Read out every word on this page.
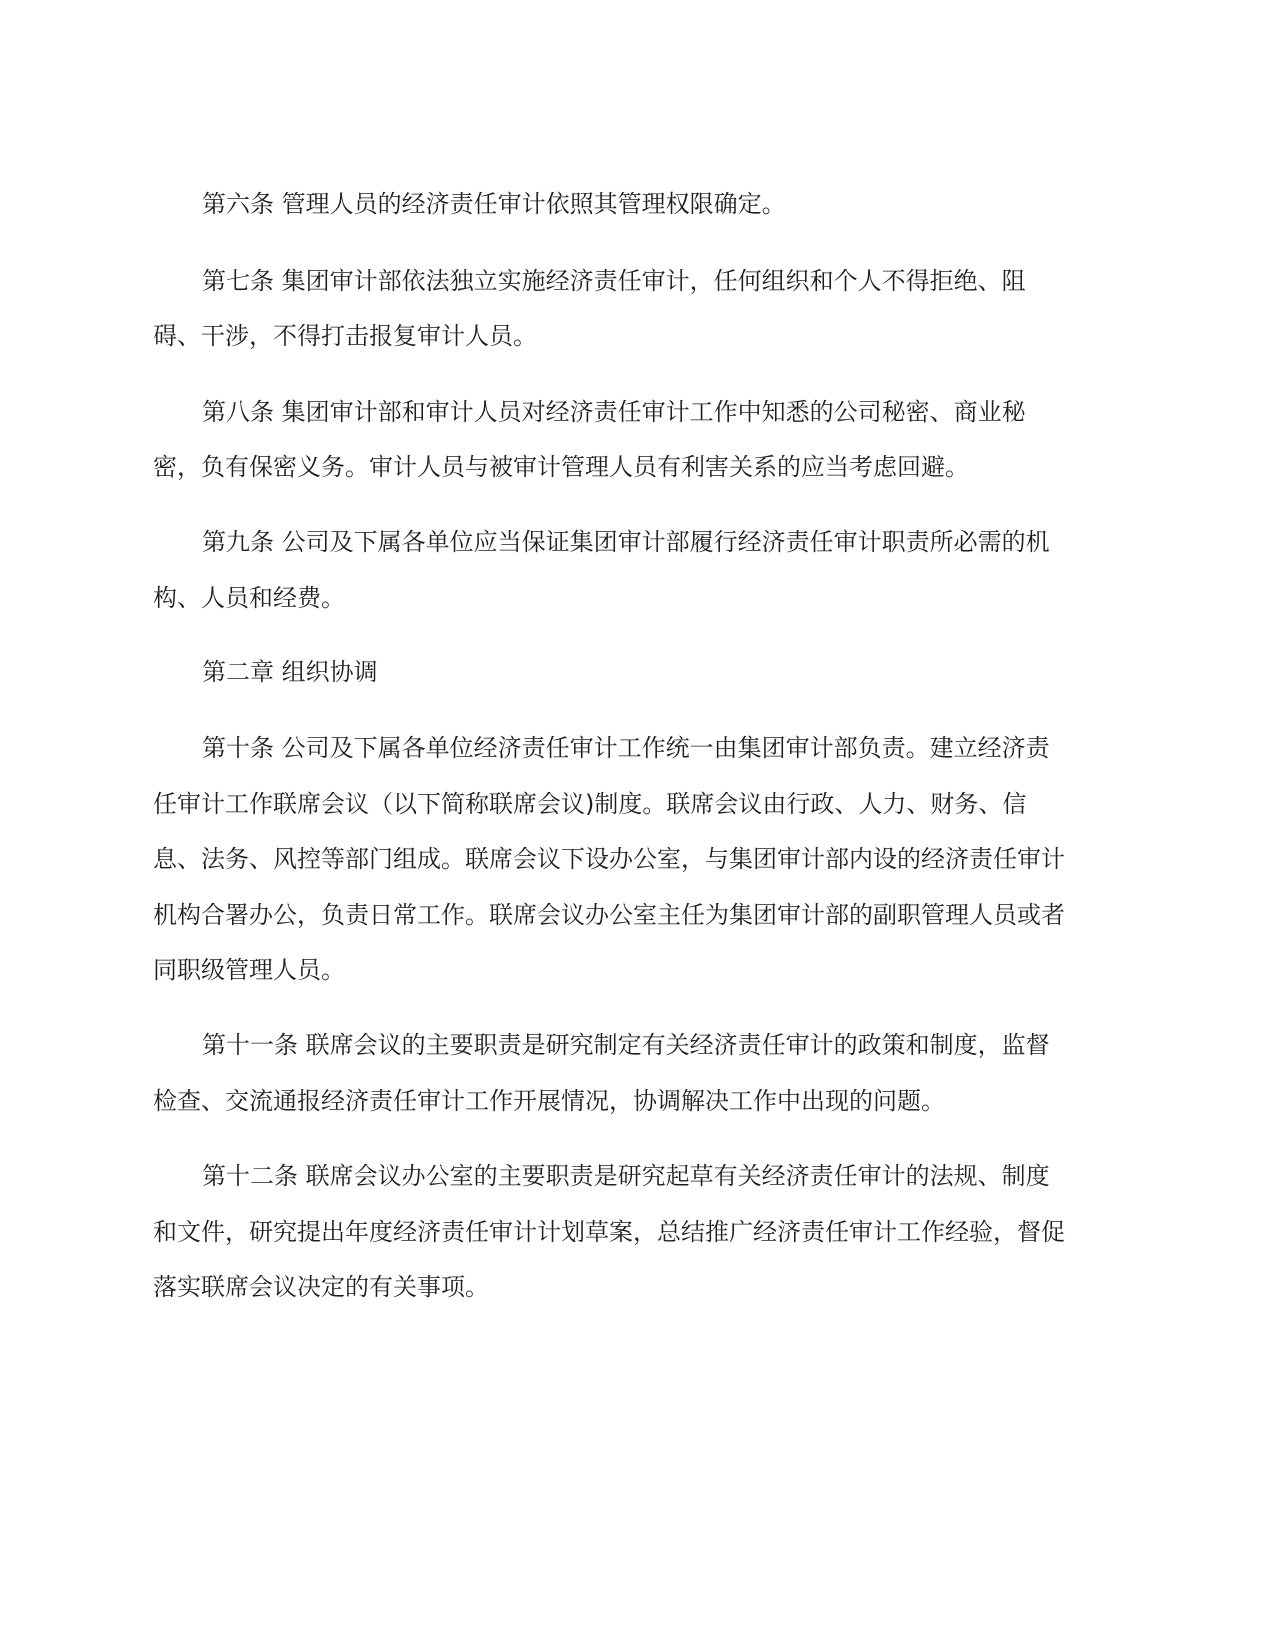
第六条 管理人员的经济责任审计依照其管理权限确定。
第七条 集团审计部依法独立实施经济责任审计，任何组织和个人不得拒绝、阻
碍、干涉，不得打击报复审计人员。
第八条 集团审计部和审计人员对经济责任审计工作中知悉的公司秘密、商业秘
密，负有保密义务。审计人员与被审计管理人员有利害关系的应当考虑回避。
第九条 公司及下属各单位应当保证集团审计部履行经济责任审计职责所必需的机
构、人员和经费。
第二章 组织协调
第十条 公司及下属各单位经济责任审计工作统一由集团审计部负责。建立经济责
任审计工作联席会议（以下简称联席会议)制度。联席会议由行政、人力、财务、信
息、法务、风控等部门组成。联席会议下设办公室，与集团审计部内设的经济责任审计
机构合署办公，负责日常工作。联席会议办公室主任为集团审计部的副职管理人员或者
同职级管理人员。
第十一条 联席会议的主要职责是研究制定有关经济责任审计的政策和制度，监督
检查、交流通报经济责任审计工作开展情况，协调解决工作中出现的问题。
第十二条 联席会议办公室的主要职责是研究起草有关经济责任审计的法规、制度
和文件，研究提出年度经济责任审计计划草案，总结推广经济责任审计工作经验，督促
落实联席会议决定的有关事项。
